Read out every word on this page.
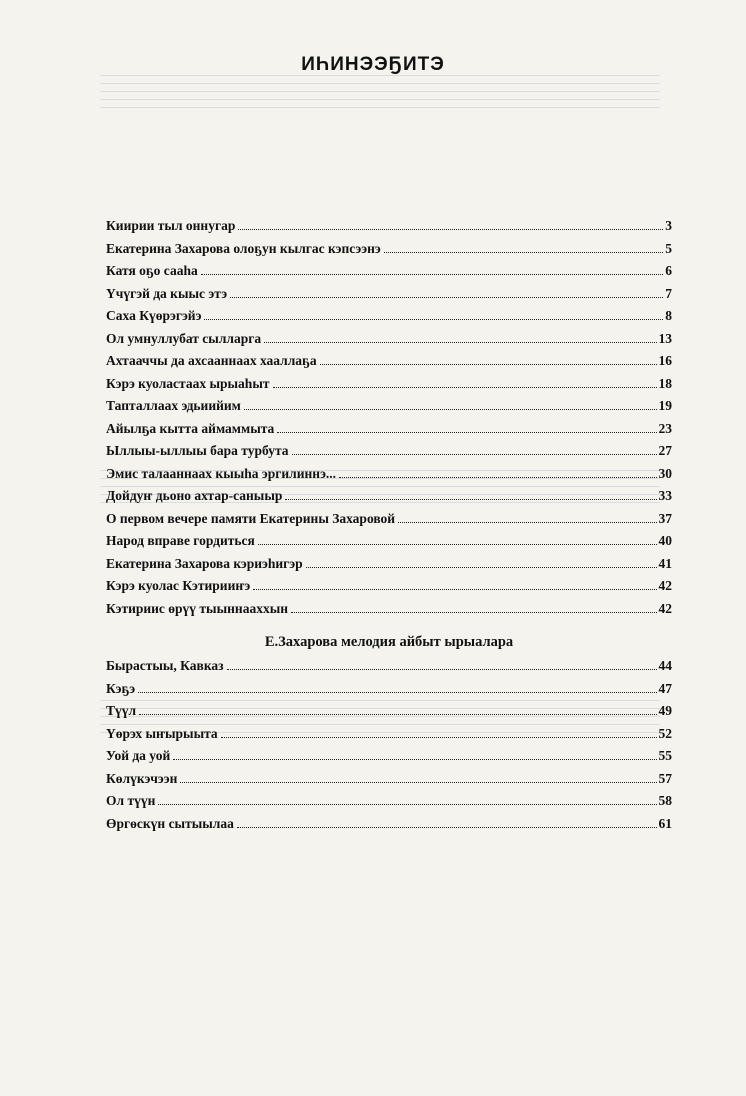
ИҺИНЭЭҔИТЭ
Киирии тыл оннугар	3
Екатерина Захарова олоҕун кылгас кэпсээнэ	5
Катя оҕо сааһа	6
Үчүгэй да кыыс этэ	7
Саха Күөрэгэйэ	8
Ол умнуллубат сылларга	13
Ахтааччы да ахсааннаах хааллаҕа	16
Кэрэ куоластаах ырыаһыт	18
Тапталлаах эдьиийим	19
Айылҕа кытта аймаммыта	23
Ыллыы-ыллыы бара турбута	27
Эмис талааннаах кыыһа эргилиннэ...	30
Дойдуҥ дьоно ахтар-саныыр	33
О первом вечере памяти Екатерины Захаровой	37
Народ вправе гордиться	40
Екатерина Захарова кэриэһигэр	41
Кэрэ куолас Кэтирииҥэ	42
Кэтириис өрүү тыыннааххын	42
Е.Захарова мелодия айбыт ырыалара
Бырастыы, Кавказ	44
Кэҕэ	47
Түүл	49
Үөрэх ыҥырыыта	52
Уой да уой	55
Көлүкэчээн	57
Ол түүн	58
Өргөскүн сытыылаа	61
